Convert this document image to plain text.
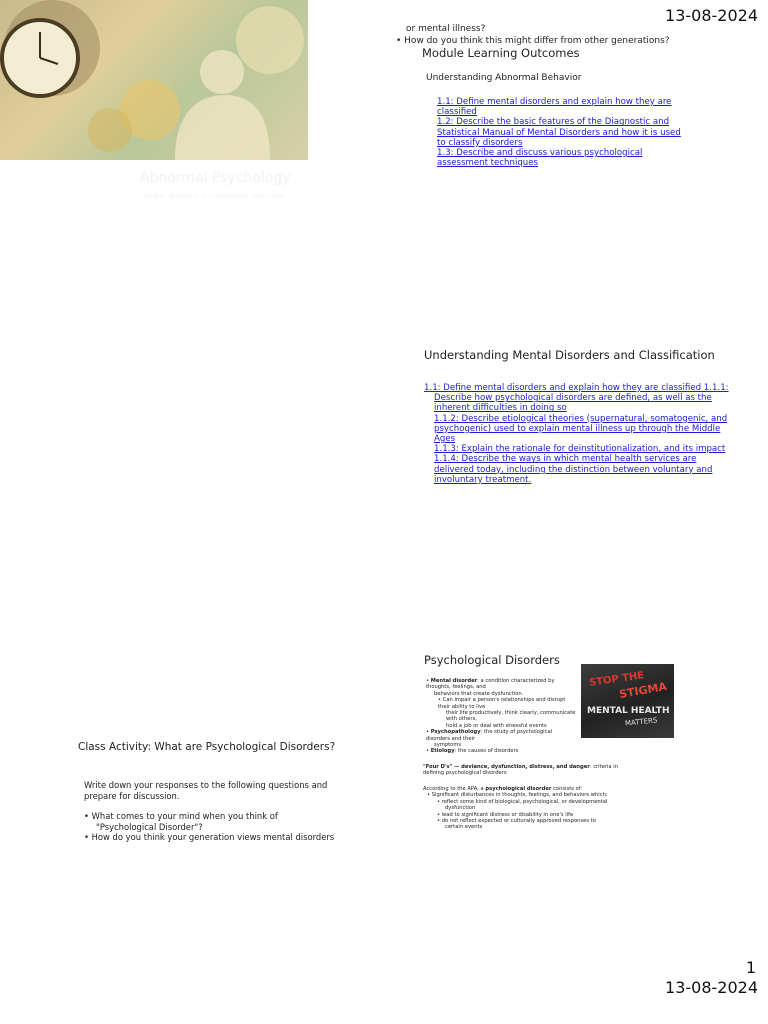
13-08-2024
Abnormal Psychology
Noba, Textbook & Companion materials
or mental illness?
• How do you think this might differ from other generations?
Module Learning Outcomes
Understanding Abnormal Behavior
1.1: Define mental disorders and explain how they are
classified
1.2: Describe the basic features of the Diagnostic and
Statistical Manual of Mental Disorders and how it is used
to classify disorders
1.3: Describe and discuss various psychological
assessment techniques
Understanding Mental Disorders and Classification
1.1: Define mental disorders and explain how they are classified 1.1.1:
Describe how psychological disorders are defined, as well as the
inherent difficulties in doing so
1.1.2: Describe etiological theories (supernatural, somatogenic, and
psychogenic) used to explain mental illness up through the Middle
Ages
1.1.3: Explain the rationale for deinstitutionalization, and its impact
1.1.4: Describe the ways in which mental health services are
delivered today, including the distinction between voluntary and
involuntary treatment.
Class Activity: What are Psychological Disorders?
Write down your responses to the following questions and
prepare for discussion.
• What comes to your mind when you think of
"Psychological Disorder"?
• How do you think your generation views mental disorders
Psychological Disorders
STOP THE
STIGMA
MENTAL HEALTH
MATTERS
• Mental disorder: a condition characterized by thoughts, feelings, and
behaviors that create dysfunction.
• Can impair a person's relationships and disrupt their ability to live
their life productively, think clearly, communicate with others,
hold a job or deal with stressful events
• Psychopathology: the study of psychological disorders and their
symptoms
• Etiology: the causes of disorders
"Four D's" — deviance, dysfunction, distress, and danger: criteria in
defining psychological disorders
According to the APA, a psychological disorder consists of:
• Significant disturbances in thoughts, feelings, and behaviors which:
• reflect some kind of biological, psychological, or developmental
dysfunction
• lead to significant distress or disability in one's life
• do not reflect expected or culturally approved responses to
certain events
1
13-08-2024
